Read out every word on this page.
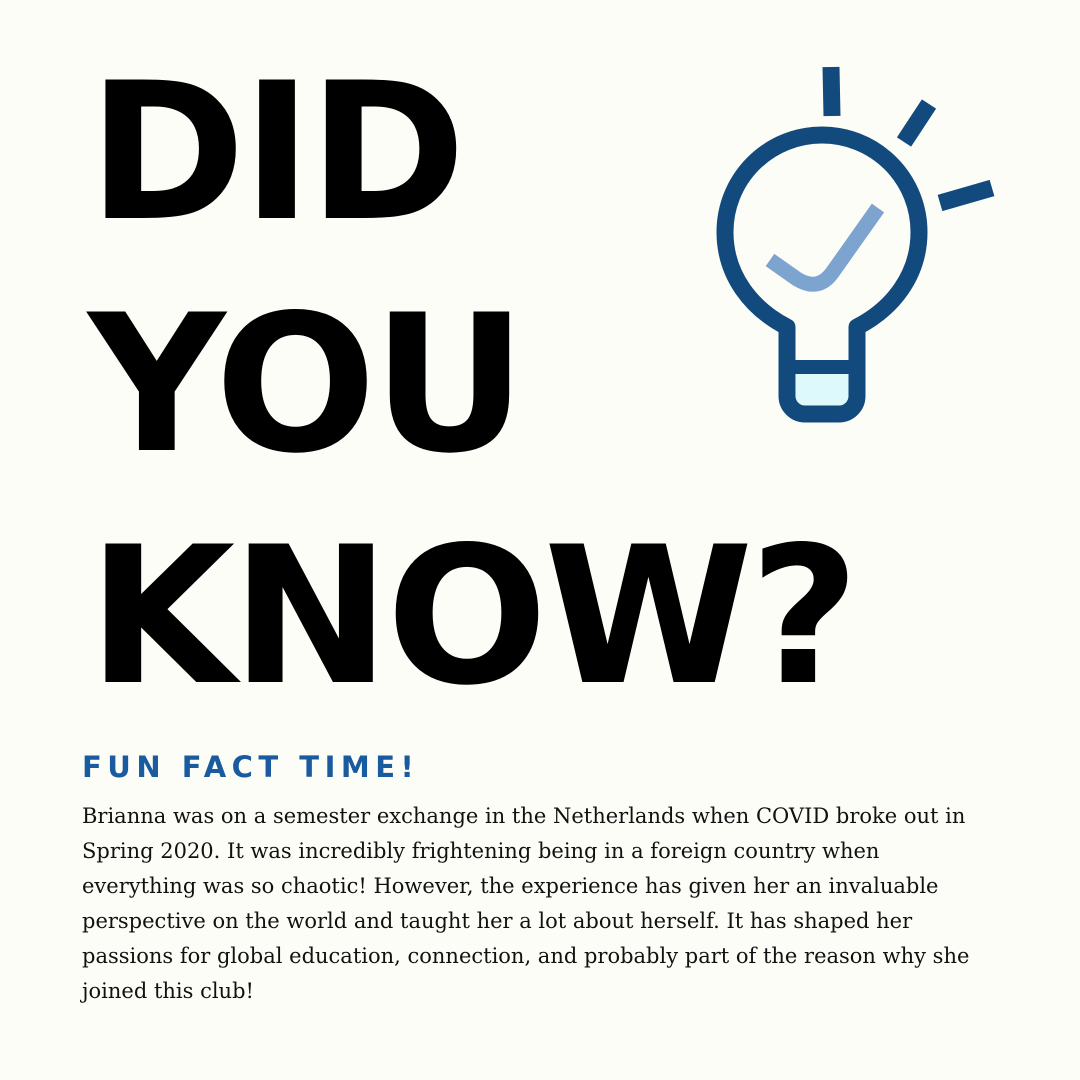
DID
YOU
KNOW?
FUN FACT TIME!

Brianna was on a semester exchange in the Netherlands when COVID broke out in Spring 2020. It was incredibly frightening being in a foreign country when everything was so chaotic! However, the experience has given her an invaluable perspective on the world and taught her a lot about herself. It has shaped her passions for global education, connection, and probably part of the reason why she joined this club!
